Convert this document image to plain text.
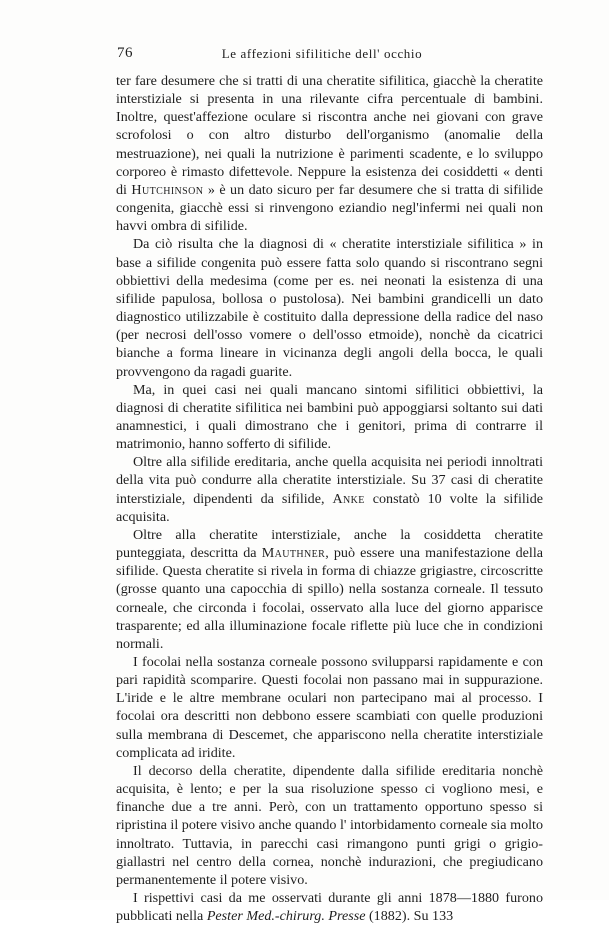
76	Le affezioni sifilitiche dell' occhio

ter fare desumere che si tratti di una cheratite sifilitica, giacchè la cheratite interstiziale si presenta in una rilevante cifra percentuale di bambini. Inoltre, quest'affezione oculare si riscontra anche nei giovani con grave scrofolosi o con altro disturbo dell'organismo (anomalie della mestruazione), nei quali la nutrizione è parimenti scadente, e lo sviluppo corporeo è rimasto difettevole. Neppure la esistenza dei cosiddetti « denti di Hutchinson » è un dato sicuro per far desumere che si tratta di sifilide congenita, giacchè essi si rinvengono eziandio negl'infermi nei quali non havvi ombra di sifilide.

Da ciò risulta che la diagnosi di « cheratite interstiziale sifilitica » in base a sifilide congenita può essere fatta solo quando si riscontrano segni obbiettivi della medesima (come per es. nei neonati la esistenza di una sifilide papulosa, bollosa o pustolosa). Nei bambini grandicelli un dato diagnostico utilizzabile è costituito dalla depressione della radice del naso (per necrosi dell'osso vomere o dell'osso etmoide), nonchè da cicatrici bianche a forma lineare in vicinanza degli angoli della bocca, le quali provvengono da ragadi guarite.

Ma, in quei casi nei quali mancano sintomi sifilitici obbiettivi, la diagnosi di cheratite sifilitica nei bambini può appoggiarsi soltanto sui dati anamnestici, i quali dimostrano che i genitori, prima di contrarre il matrimonio, hanno sofferto di sifilide.

Oltre alla sifilide ereditaria, anche quella acquisita nei periodi innoltrati della vita può condurre alla cheratite interstiziale. Su 37 casi di cheratite interstiziale, dipendenti da sifilide, Anke constatò 10 volte la sifilide acquisita.

Oltre alla cheratite interstiziale, anche la cosiddetta cheratite punteggiata, descritta da Mauthner, può essere una manifestazione della sifilide. Questa cheratite si rivela in forma di chiazze grigiastre, circoscritte (grosse quanto una capocchia di spillo) nella sostanza corneale. Il tessuto corneale, che circonda i focolai, osservato alla luce del giorno apparisce trasparente; ed alla illuminazione focale riflette più luce che in condizioni normali.

I focolai nella sostanza corneale possono svilupparsi rapidamente e con pari rapidità scomparire. Questi focolai non passano mai in suppurazione. L'iride e le altre membrane oculari non partecipano mai al processo. I focolai ora descritti non debbono essere scambiati con quelle produzioni sulla membrana di Descemet, che appariscono nella cheratite interstiziale complicata ad iridite.

Il decorso della cheratite, dipendente dalla sifilide ereditaria nonchè acquisita, è lento; e per la sua risoluzione spesso ci vogliono mesi, e finanche due a tre anni. Però, con un trattamento opportuno spesso si ripristina il potere visivo anche quando l' intorbidamento corneale sia molto innoltrato. Tuttavia, in parecchi casi rimangono punti grigi o grigio-giallastri nel centro della cornea, nonchè indurazioni, che pregiudicano permanentemente il potere visivo.

I rispettivi casi da me osservati durante gli anni 1878—1880 furono pubblicati nella Pester Med.-chirurg. Presse (1882). Su 133
